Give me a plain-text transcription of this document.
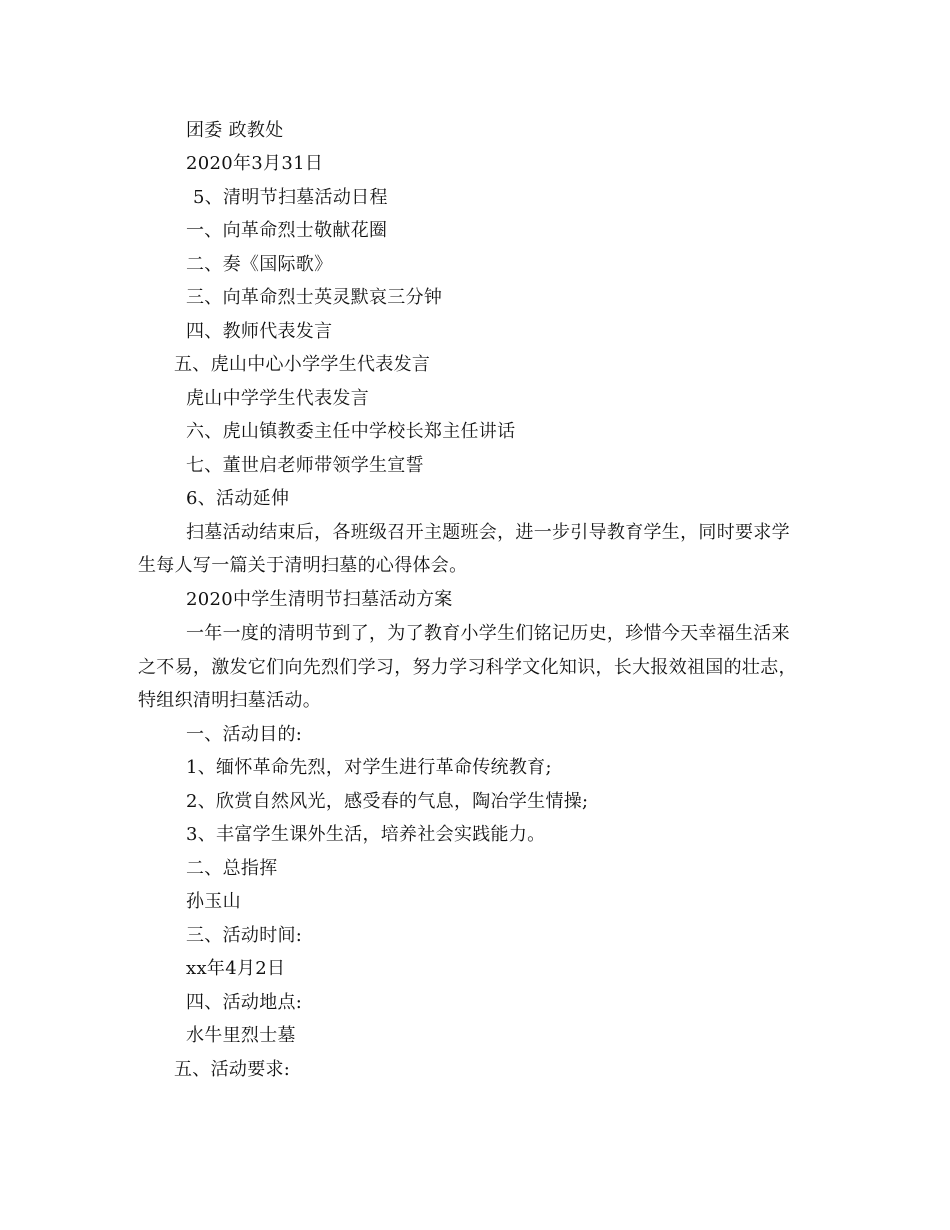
团委 政教处
2020年3月31日
5、清明节扫墓活动日程
一、向革命烈士敬献花圈
二、奏《国际歌》
三、向革命烈士英灵默哀三分钟
四、教师代表发言
五、虎山中心小学学生代表发言
虎山中学学生代表发言
六、虎山镇教委主任中学校长郑主任讲话
七、董世启老师带领学生宣誓
6、活动延伸
扫墓活动结束后，各班级召开主题班会，进一步引导教育学生，同时要求学
生每人写一篇关于清明扫墓的心得体会。
2020中学生清明节扫墓活动方案
一年一度的清明节到了，为了教育小学生们铭记历史，珍惜今天幸福生活来
之不易，激发它们向先烈们学习，努力学习科学文化知识，长大报效祖国的壮志，
特组织清明扫墓活动。
一、活动目的:
1、缅怀革命先烈，对学生进行革命传统教育;
2、欣赏自然风光，感受春的气息，陶冶学生情操;
3、丰富学生课外生活，培养社会实践能力。
二、总指挥
孙玉山
三、活动时间:
xx年4月2日
四、活动地点:
水牛里烈士墓
五、活动要求:
